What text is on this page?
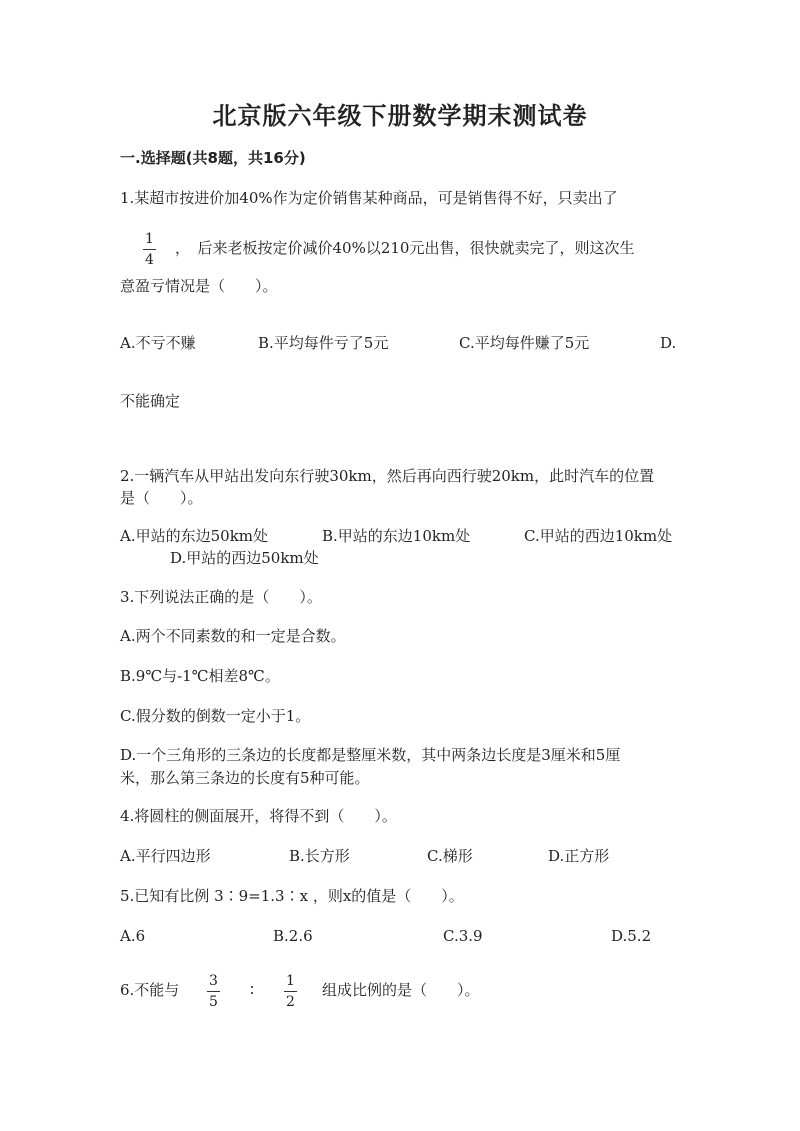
北京版六年级下册数学期末测试卷
一.选择题(共8题，共16分)
1.某超市按进价加40%作为定价销售某种商品，可是销售得不好，只卖出了
1
4
，　后来老板按定价减价40%以210元出售，很快就卖完了，则这次生
意盈亏情况是（　　）。
A.不亏不赚	B.平均每件亏了5元	C.平均每件赚了5元	D.
不能确定
2.一辆汽车从甲站出发向东行驶30km，然后再向西行驶20km，此时汽车的位置
是（　　）。
A.甲站的东边50km处	B.甲站的东边10km处	C.甲站的西边10km处
D.甲站的西边50km处
3.下列说法正确的是（　　）。
A.两个不同素数的和一定是合数。
B.9℃与-1℃相差8℃。
C.假分数的倒数一定小于1。
D.一个三角形的三条边的长度都是整厘米数，其中两条边长度是3厘米和5厘
米，那么第三条边的长度有5种可能。
4.将圆柱的侧面展开，将得不到（　　）。
A.平行四边形	B.长方形	C.梯形	D.正方形
5.已知有比例 3∶9=1.3∶x ，则x的值是（　　）。
A.6	B.2.6	C.3.9	D.5.2
6.不能与 3
5
∶ 1
2
组成比例的是（　　）。
